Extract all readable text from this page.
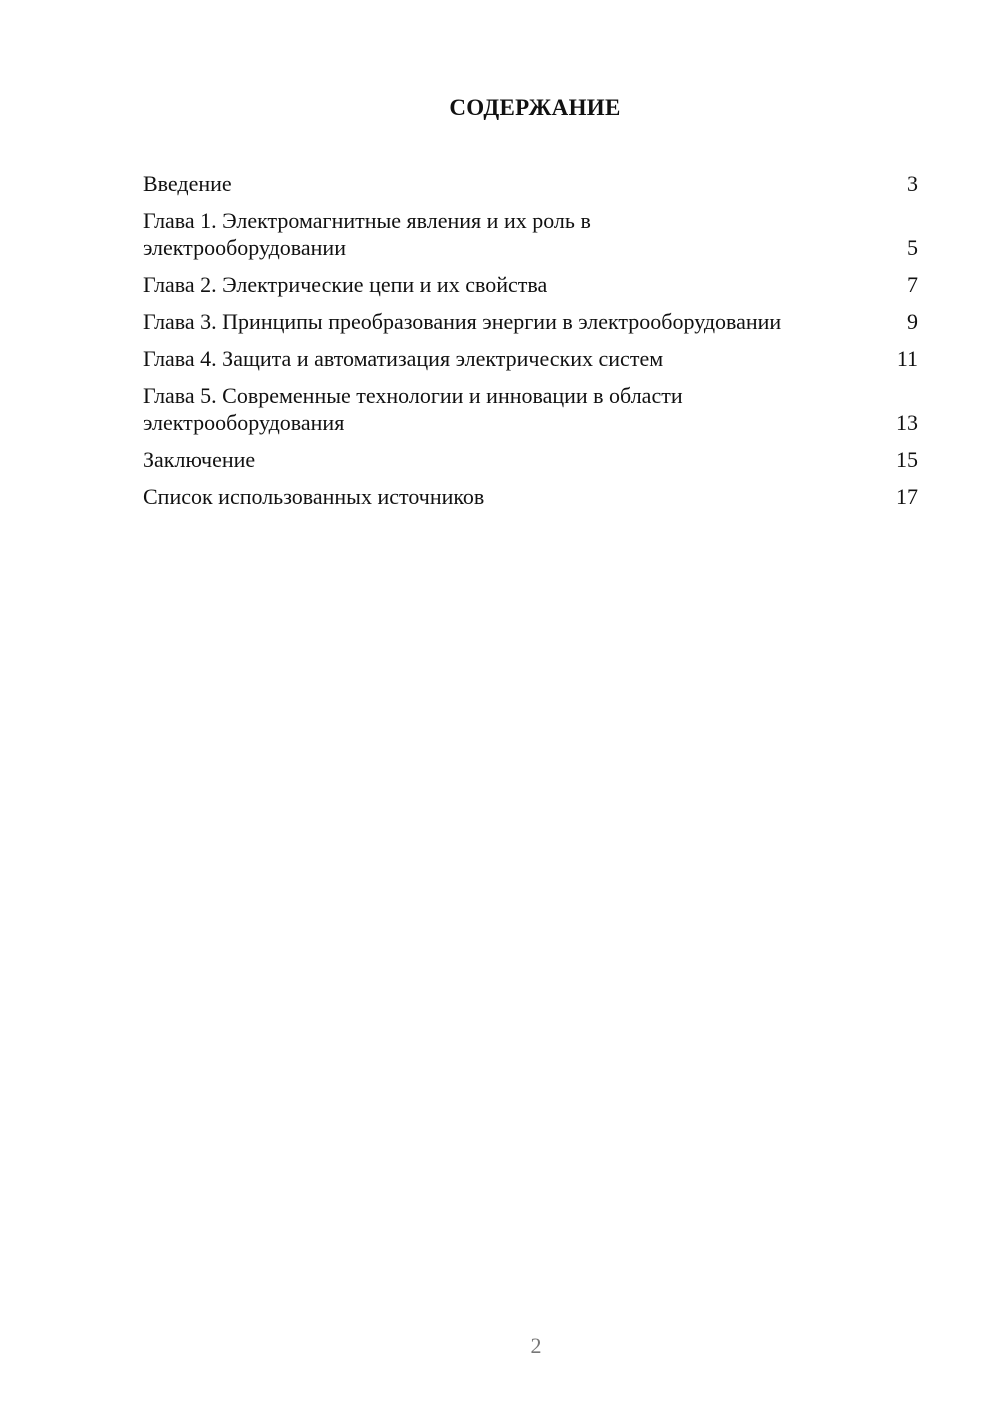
СОДЕРЖАНИЕ
Введение	3
Глава 1. Электромагнитные явления и их роль в электрооборудовании	5
Глава 2. Электрические цепи и их свойства	7
Глава 3. Принципы преобразования энергии в электрооборудовании	9
Глава 4. Защита и автоматизация электрических систем	11
Глава 5. Современные технологии и инновации в области электрооборудования	13
Заключение	15
Список использованных источников	17
2
